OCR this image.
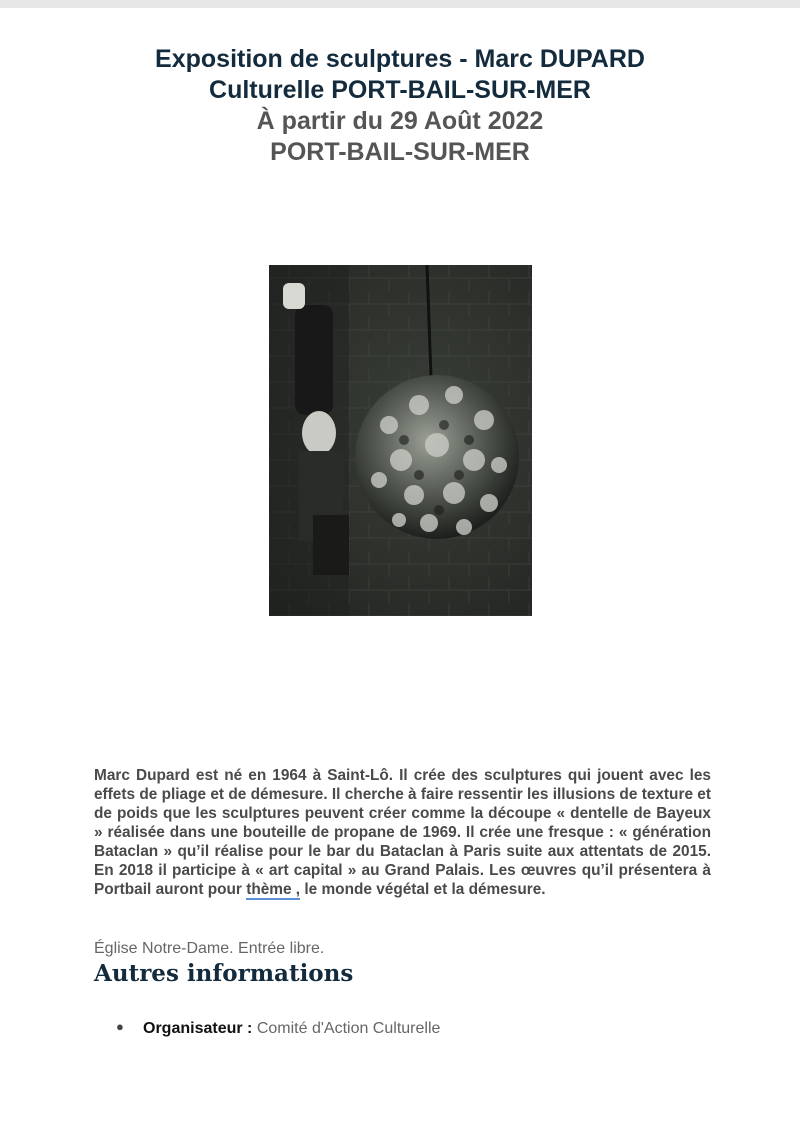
Exposition de sculptures - Marc DUPARD
Culturelle PORT-BAIL-SUR-MER
À partir du 29 Août 2022
PORT-BAIL-SUR-MER

Marc Dupard est né en 1964 à Saint-Lô. Il crée des sculptures qui jouent avec les effets de pliage et de démesure. Il cherche à faire ressentir les illusions de texture et de poids que les sculptures peuvent créer comme la découpe « dentelle de Bayeux » réalisée dans une bouteille de propane de 1969. Il crée une fresque : « génération Bataclan » qu’il réalise pour le bar du Bataclan à Paris suite aux attentats de 2015. En 2018 il participe à « art capital » au Grand Palais. Les œuvres qu’il présentera à Portbail auront pour thème , le monde végétal et la démesure.

Église Notre-Dame. Entrée libre.
Autres informations
● Organisateur : Comité d'Action Culturelle
